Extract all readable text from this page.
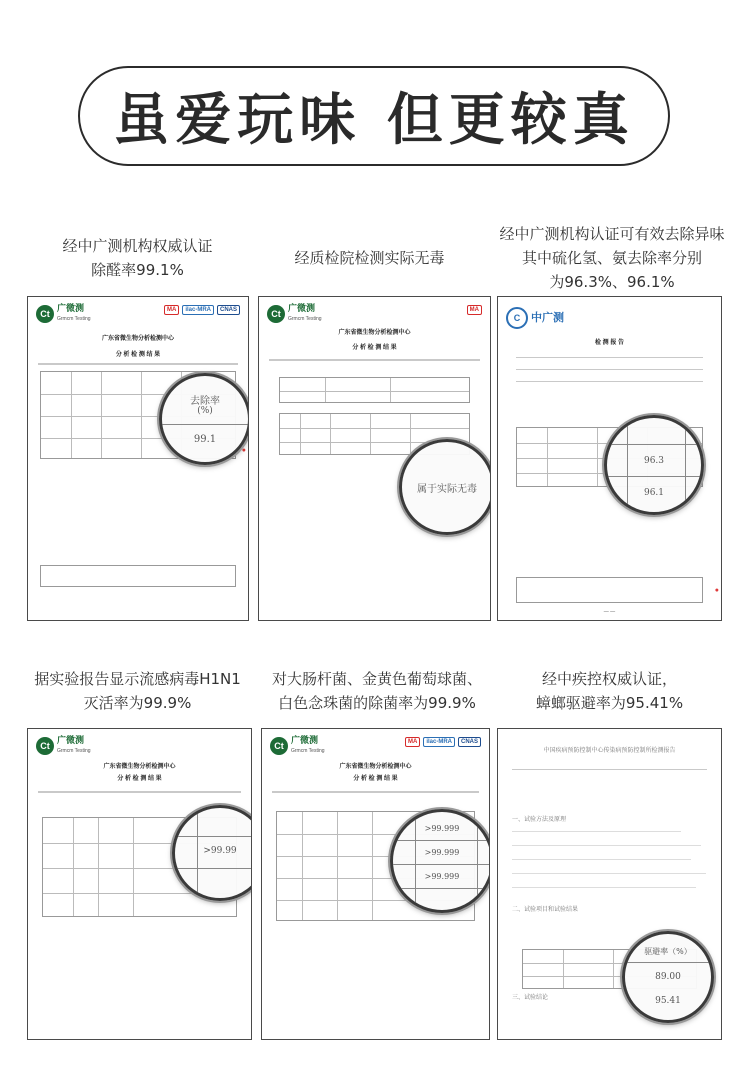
虽爱玩味 但更较真
经中广测机构权威认证
除醛率99.1%
经质检院检测实际无毒
经中广测机构认证可有效去除异味
其中硫化氢、氨去除率分别
为96.3%、96.1%
Ct
广微测
Grmcm Testing
MA	ilac-MRA	CNAS
广东省微生物分析检测中心
分 析 检 测 结 果
●
去除率
(%)
99.1
Ct
广微测
Grmcm Testing
MA
广东省微生物分析检测中心
分 析 检 测 结 果
属于实际无毒
C 中广测
检 测 报 告
●
96.3
96.1
— —
据实验报告显示流感病毒H1N1
灭活率为99.9%
对大肠杆菌、金黄色葡萄球菌、
白色念珠菌的除菌率为99.9%
经中疾控权威认证，
蟑螂驱避率为95.41%
Ct
广微测
Grmcm Testing
广东省微生物分析检测中心
分 析 检 测 结 果
>99.99
Ct
广微测
Grmcm Testing
MA	ilac-MRA	CNAS
广东省微生物分析检测中心
分 析 检 测 结 果
>99.999
>99.999
>99.999
中国疾病预防控制中心传染病预防控制所检测报告
一、试验方法及原理
二、试验项目和试验结果
三、试验结论
驱避率（%）
89.00
95.41
